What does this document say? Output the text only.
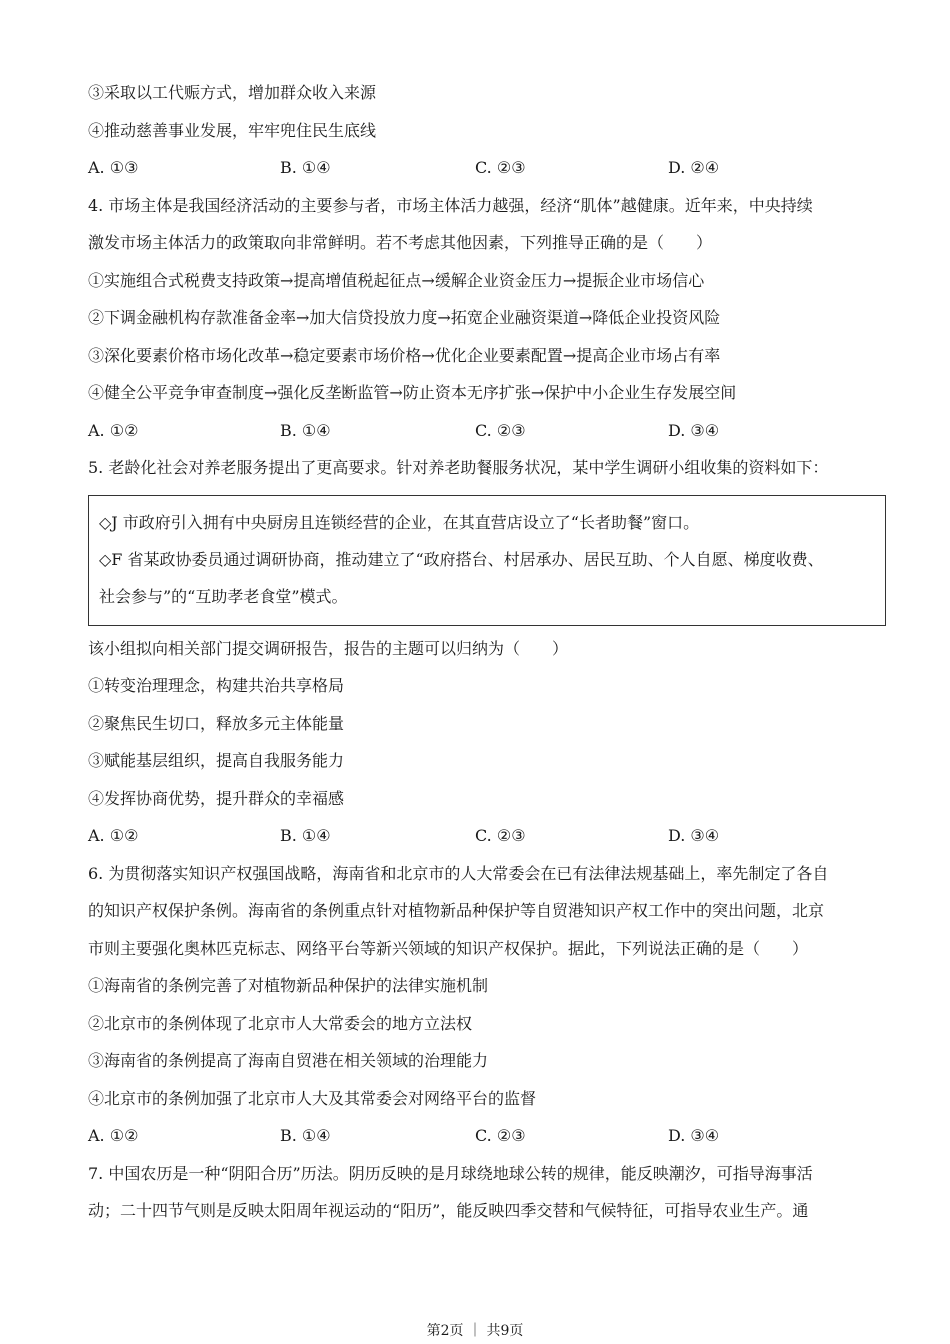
③采取以工代赈方式，增加群众收入来源
④推动慈善事业发展，牢牢兜住民生底线
A. ①③	B. ①④	C. ②③	D. ②④
4. 市场主体是我国经济活动的主要参与者，市场主体活力越强，经济“肌体”越健康。近年来，中央持续
激发市场主体活力的政策取向非常鲜明。若不考虑其他因素，下列推导正确的是（　　）
①实施组合式税费支持政策→提高增值税起征点→缓解企业资金压力→提振企业市场信心
②下调金融机构存款准备金率→加大信贷投放力度→拓宽企业融资渠道→降低企业投资风险
③深化要素价格市场化改革→稳定要素市场价格→优化企业要素配置→提高企业市场占有率
④健全公平竞争审查制度→强化反垄断监管→防止资本无序扩张→保护中小企业生存发展空间
A. ①②	B. ①④	C. ②③	D. ③④
5. 老龄化社会对养老服务提出了更高要求。针对养老助餐服务状况，某中学生调研小组收集的资料如下：
◇J 市政府引入拥有中央厨房且连锁经营的企业，在其直营店设立了“长者助餐”窗口。
◇F 省某政协委员通过调研协商，推动建立了“政府搭台、村居承办、居民互助、个人自愿、梯度收费、
社会参与”的“互助孝老食堂”模式。
该小组拟向相关部门提交调研报告，报告的主题可以归纳为（　　）
①转变治理理念，构建共治共享格局
②聚焦民生切口，释放多元主体能量
③赋能基层组织，提高自我服务能力
④发挥协商优势，提升群众的幸福感
A. ①②	B. ①④	C. ②③	D. ③④
6. 为贯彻落实知识产权强国战略，海南省和北京市的人大常委会在已有法律法规基础上，率先制定了各自
的知识产权保护条例。海南省的条例重点针对植物新品种保护等自贸港知识产权工作中的突出问题，北京
市则主要强化奥林匹克标志、网络平台等新兴领域的知识产权保护。据此，下列说法正确的是（　　）
①海南省的条例完善了对植物新品种保护的法律实施机制
②北京市的条例体现了北京市人大常委会的地方立法权
③海南省的条例提高了海南自贸港在相关领域的治理能力
④北京市的条例加强了北京市人大及其常委会对网络平台的监督
A. ①②	B. ①④	C. ②③	D. ③④
7. 中国农历是一种“阴阳合历”历法。阴历反映的是月球绕地球公转的规律，能反映潮汐，可指导海事活
动；二十四节气则是反映太阳周年视运动的“阳历”，能反映四季交替和气候特征，可指导农业生产。通
第2页 ｜ 共9页
